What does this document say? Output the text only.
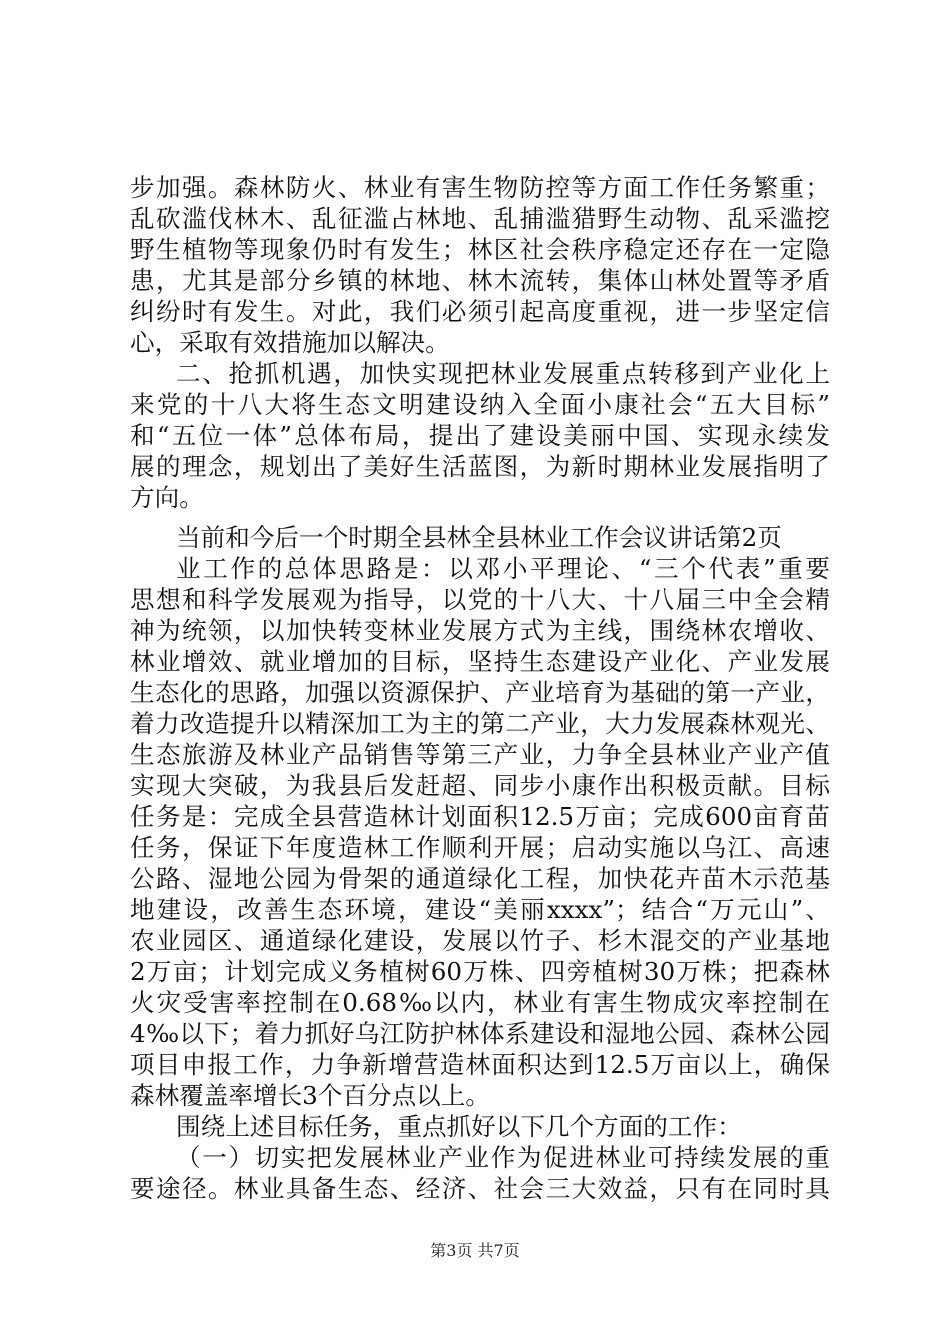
步加强。森林防火、林业有害生物防控等方面工作任务繁重；
乱砍滥伐林木、乱征滥占林地、乱捕滥猎野生动物、乱采滥挖
野生植物等现象仍时有发生；林区社会秩序稳定还存在一定隐
患，尤其是部分乡镇的林地、林木流转，集体山林处置等矛盾
纠纷时有发生。对此，我们必须引起高度重视，进一步坚定信
心，采取有效措施加以解决。
二、抢抓机遇，加快实现把林业发展重点转移到产业化上
来党的十八大将生态文明建设纳入全面小康社会“五大目标”
和“五位一体”总体布局，提出了建设美丽中国、实现永续发
展的理念，规划出了美好生活蓝图，为新时期林业发展指明了
方向。
当前和今后一个时期全县林全县林业工作会议讲话第2页
业工作的总体思路是：以邓小平理论、“三个代表”重要
思想和科学发展观为指导，以党的十八大、十八届三中全会精
神为统领，以加快转变林业发展方式为主线，围绕林农增收、
林业增效、就业增加的目标，坚持生态建设产业化、产业发展
生态化的思路，加强以资源保护、产业培育为基础的第一产业，
着力改造提升以精深加工为主的第二产业，大力发展森林观光、
生态旅游及林业产品销售等第三产业，力争全县林业产业产值
实现大突破，为我县后发赶超、同步小康作出积极贡献。目标
任务是：完成全县营造林计划面积12.5万亩；完成600亩育苗
任务，保证下年度造林工作顺利开展；启动实施以乌江、高速
公路、湿地公园为骨架的通道绿化工程，加快花卉苗木示范基
地建设，改善生态环境，建设“美丽xxxx”；结合“万元山”、
农业园区、通道绿化建设，发展以竹子、杉木混交的产业基地
2万亩；计划完成义务植树60万株、四旁植树30万株；把森林
火灾受害率控制在0.68‰以内，林业有害生物成灾率控制在
4‰以下；着力抓好乌江防护林体系建设和湿地公园、森林公园
项目申报工作，力争新增营造林面积达到12.5万亩以上，确保
森林覆盖率增长3个百分点以上。
围绕上述目标任务，重点抓好以下几个方面的工作：
（一）切实把发展林业产业作为促进林业可持续发展的重
要途径。林业具备生态、经济、社会三大效益，只有在同时具
第3页 共7页
